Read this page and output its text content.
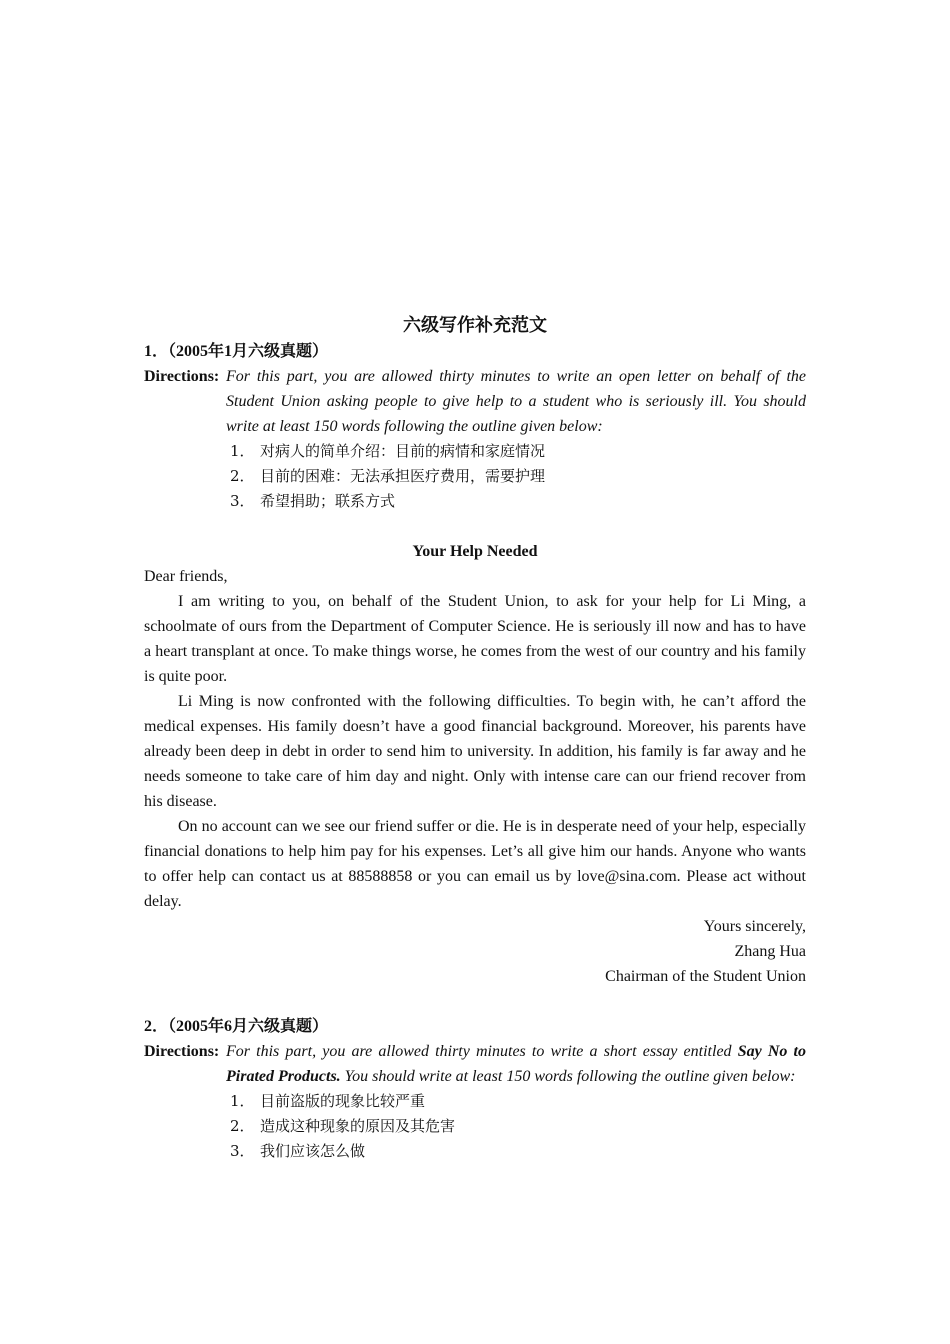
六级写作补充范文
1．（2005年1月六级真题）
Directions: For this part, you are allowed thirty minutes to write an open letter on behalf of the Student Union asking people to give help to a student who is seriously ill. You should write at least 150 words following the outline given below:
1． 对病人的简单介绍：目前的病情和家庭情况
2． 目前的困难：无法承担医疗费用，需要护理
3． 希望捐助；联系方式
Your Help Needed
Dear friends,
I am writing to you, on behalf of the Student Union, to ask for your help for Li Ming, a schoolmate of ours from the Department of Computer Science. He is seriously ill now and has to have a heart transplant at once. To make things worse, he comes from the west of our country and his family is quite poor.
Li Ming is now confronted with the following difficulties. To begin with, he can’t afford the medical expenses. His family doesn’t have a good financial background. Moreover, his parents have already been deep in debt in order to send him to university. In addition, his family is far away and he needs someone to take care of him day and night. Only with intense care can our friend recover from his disease.
On no account can we see our friend suffer or die. He is in desperate need of your help, especially financial donations to help him pay for his expenses. Let’s all give him our hands. Anyone who wants to offer help can contact us at 88588858 or you can email us by love@sina.com. Please act without delay.
Yours sincerely,
Zhang Hua
Chairman of the Student Union
2．（2005年6月六级真题）
Directions: For this part, you are allowed thirty minutes to write a short essay entitled Say No to Pirated Products. You should write at least 150 words following the outline given below:
1． 目前盗版的现象比较严重
2． 造成这种现象的原因及其危害
3． 我们应该怎么做
